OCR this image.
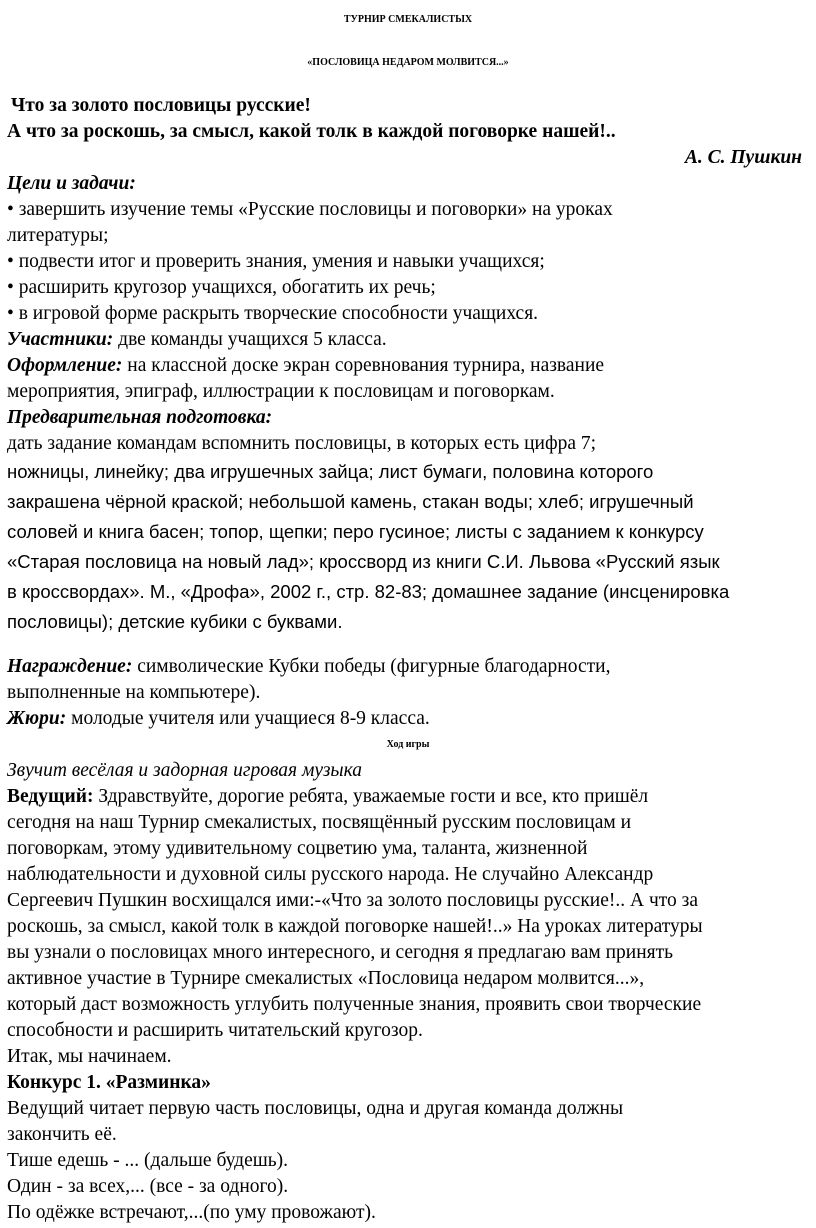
ТУРНИР СМЕКАЛИСТЫХ
«ПОСЛОВИЦА НЕДАРОМ МОЛВИТСЯ...»
Что за золото пословицы русские!
А что за роскошь, за смысл, какой толк в каждой поговорке нашей!..
А. С. Пушкин
Цели и задачи:
• завершить изучение темы «Русские пословицы и поговорки» на уроках
литературы;
• подвести итог и проверить знания, умения и навыки учащихся;
• расширить кругозор учащихся, обогатить их речь;
• в игровой форме раскрыть творческие способности учащихся.
Участники: две команды учащихся 5 класса.
Оформление: на классной доске экран соревнования турнира, название
мероприятия, эпиграф, иллюстрации к пословицам и поговоркам.
Предварительная подготовка:
дать задание командам вспомнить пословицы, в которых есть цифра 7;
ножницы, линейку; два игрушечных зайца; лист бумаги, половина которого
закрашена чёрной краской; небольшой камень, стакан воды; хлеб; игрушечный
соловей и книга басен; топор, щепки; перо гусиное; листы с заданием к конкурсу
«Старая пословица на новый лад»; кроссворд из книги С.И. Львова «Русский язык
в кроссвордах». М., «Дрофа», 2002 г., стр. 82-83; домашнее задание (инсценировка
пословицы); детские кубики с буквами.
Награждение: символические Кубки победы (фигурные благодарности,
выполненные на компьютере).
Жюри: молодые учителя или учащиеся 8-9 класса.
Ход игры
Звучит весёлая и задорная игровая музыка
Ведущий: Здравствуйте, дорогие ребята, уважаемые гости и все, кто пришёл
сегодня на наш Турнир смекалистых, посвящённый русским пословицам и
поговоркам, этому удивительному соцветию ума, таланта, жизненной
наблюдательности и духовной силы русского народа. Не случайно Александр
Сергеевич Пушкин восхищался ими:-«Что за золото пословицы русские!.. А что за
роскошь, за смысл, какой толк в каждой поговорке нашей!..» На уроках литературы
вы узнали о пословицах много интересного, и сегодня я предлагаю вам принять
активное участие в Турнире смекалистых «Пословица недаром молвится...»,
который даст возможность углубить полученные знания, проявить свои творческие
способности и расширить читательский кругозор.
Итак, мы начинаем.
Конкурс 1. «Разминка»
Ведущий читает первую часть пословицы, одна и другая команда должны
закончить её.
Тише едешь - ... (дальше будешь).
Один - за всех,... (все - за одного).
По одёжке встречают,...(по уму провожают).
